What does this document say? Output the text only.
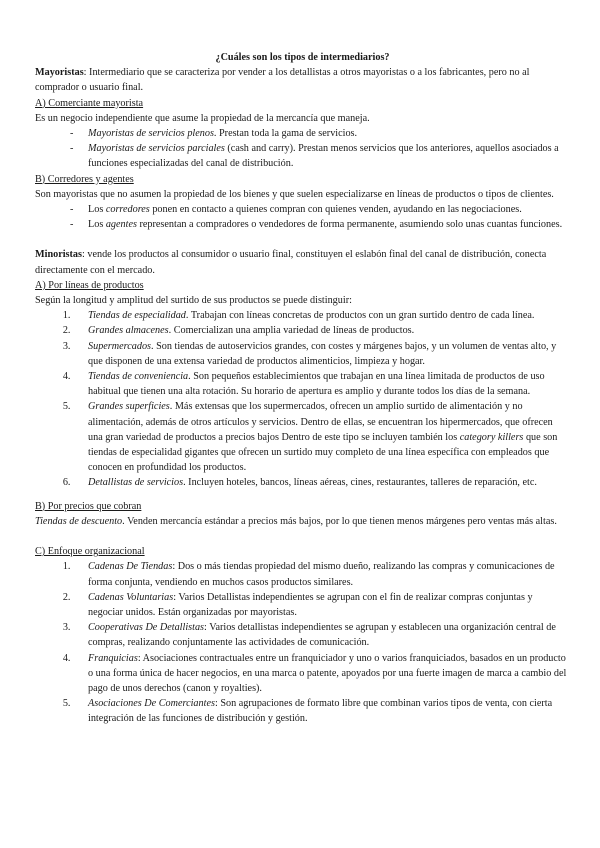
¿Cuáles son los tipos de intermediarios?

Mayoristas: Intermediario que se caracteriza por vender a los detallistas a otros mayoristas o a los fabricantes, pero no al comprador o usuario final.

A) Comerciante mayorista

Es un negocio independiente que asume la propiedad de la mercancía que maneja.

- Mayoristas de servicios plenos. Prestan toda la gama de servicios.
- Mayoristas de servicios parciales (cash and carry). Prestan menos servicios que los anteriores, aquellos asociados a funciones especializadas del canal de distribución.

B) Corredores y agentes

Son mayoristas que no asumen la propiedad de los bienes y que suelen especializarse en líneas de productos o tipos de clientes.

- Los corredores ponen en contacto a quienes compran con quienes venden, ayudando en las negociaciones.
- Los agentes representan a compradores o vendedores de forma permanente, asumiendo solo unas cuantas funciones.

Minoristas: vende los productos al consumidor o usuario final, constituyen el eslabón final del canal de distribución, conecta directamente con el mercado.

A) Por líneas de productos

Según la longitud y amplitud del surtido de sus productos se puede distinguir:

1. Tiendas de especialidad. Trabajan con líneas concretas de productos con un gran surtido dentro de cada línea.
2. Grandes almacenes. Comercializan una amplia variedad de líneas de productos.
3. Supermercados. Son tiendas de autoservicios grandes, con costes y márgenes bajos, y un volumen de ventas alto, y que disponen de una extensa variedad de productos alimenticios, limpieza y hogar.
4. Tiendas de conveniencia. Son pequeños establecimientos que trabajan en una línea limitada de productos de uso habitual que tienen una alta rotación. Su horario de apertura es amplio y durante todos los días de la semana.
5. Grandes superficies. Más extensas que los supermercados, ofrecen un amplio surtido de alimentación y no alimentación, además de otros artículos y servicios. Dentro de ellas, se encuentran los hipermercados, que ofrecen una gran variedad de productos a precios bajos Dentro de este tipo se incluyen también los category killers que son tiendas de especialidad gigantes que ofrecen un surtido muy completo de una línea específica con empleados que conocen en profundidad los productos.
6. Detallistas de servicios. Incluyen hoteles, bancos, líneas aéreas, cines, restaurantes, talleres de reparación, etc.

B) Por precios que cobran

Tiendas de descuento. Venden mercancía estándar a precios más bajos, por lo que tienen menos márgenes pero ventas más altas.

C) Enfoque organizacional

1. Cadenas De Tiendas: Dos o más tiendas propiedad del mismo dueño, realizando las compras y comunicaciones de forma conjunta, vendiendo en muchos casos productos similares.
2. Cadenas Voluntarias: Varios Detallistas independientes se agrupan con el fin de realizar compras conjuntas y negociar unidos. Están organizadas por mayoristas.
3. Cooperativas De Detallistas: Varios detallistas independientes se agrupan y establecen una organización central de compras, realizando conjuntamente las actividades de comunicación.
4. Franquicias: Asociaciones contractuales entre un franquiciador y uno o varios franquiciados, basados en un producto o una forma única de hacer negocios, en una marca o patente, apoyados por una fuerte imagen de marca a cambio del pago de unos derechos (canon y royalties).
5. Asociaciones De Comerciantes: Son agrupaciones de formato libre que combinan varios tipos de venta, con cierta integración de las funciones de distribución y gestión.
